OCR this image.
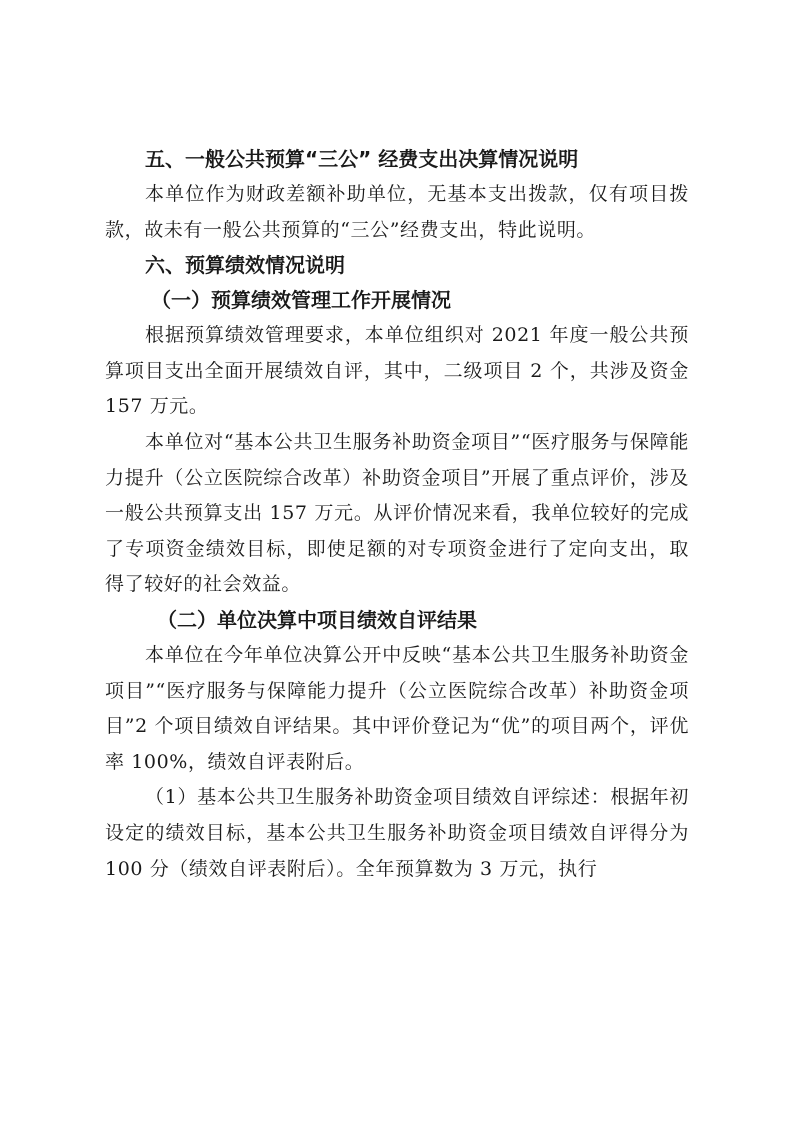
五、一般公共预算“三公” 经费支出决算情况说明

本单位作为财政差额补助单位，无基本支出拨款，仅有项目拨款，故未有一般公共预算的“三公”经费支出，特此说明。

六、预算绩效情况说明
（一）预算绩效管理工作开展情况

根据预算绩效管理要求，本单位组织对 2021 年度一般公共预算项目支出全面开展绩效自评，其中，二级项目 2 个，共涉及资金 157 万元。

本单位对“基本公共卫生服务补助资金项目”“医疗服务与保障能力提升（公立医院综合改革）补助资金项目”开展了重点评价，涉及一般公共预算支出 157 万元。从评价情况来看，我单位较好的完成了专项资金绩效目标，即使足额的对专项资金进行了定向支出，取得了较好的社会效益。

（二）单位决算中项目绩效自评结果

本单位在今年单位决算公开中反映“基本公共卫生服务补助资金项目”“医疗服务与保障能力提升（公立医院综合改革）补助资金项目”2 个项目绩效自评结果。其中评价登记为“优”的项目两个，评优率 100%，绩效自评表附后。

（1）基本公共卫生服务补助资金项目绩效自评综述：根据年初设定的绩效目标，基本公共卫生服务补助资金项目绩效自评得分为 100 分（绩效自评表附后）。全年预算数为 3 万元，执行
